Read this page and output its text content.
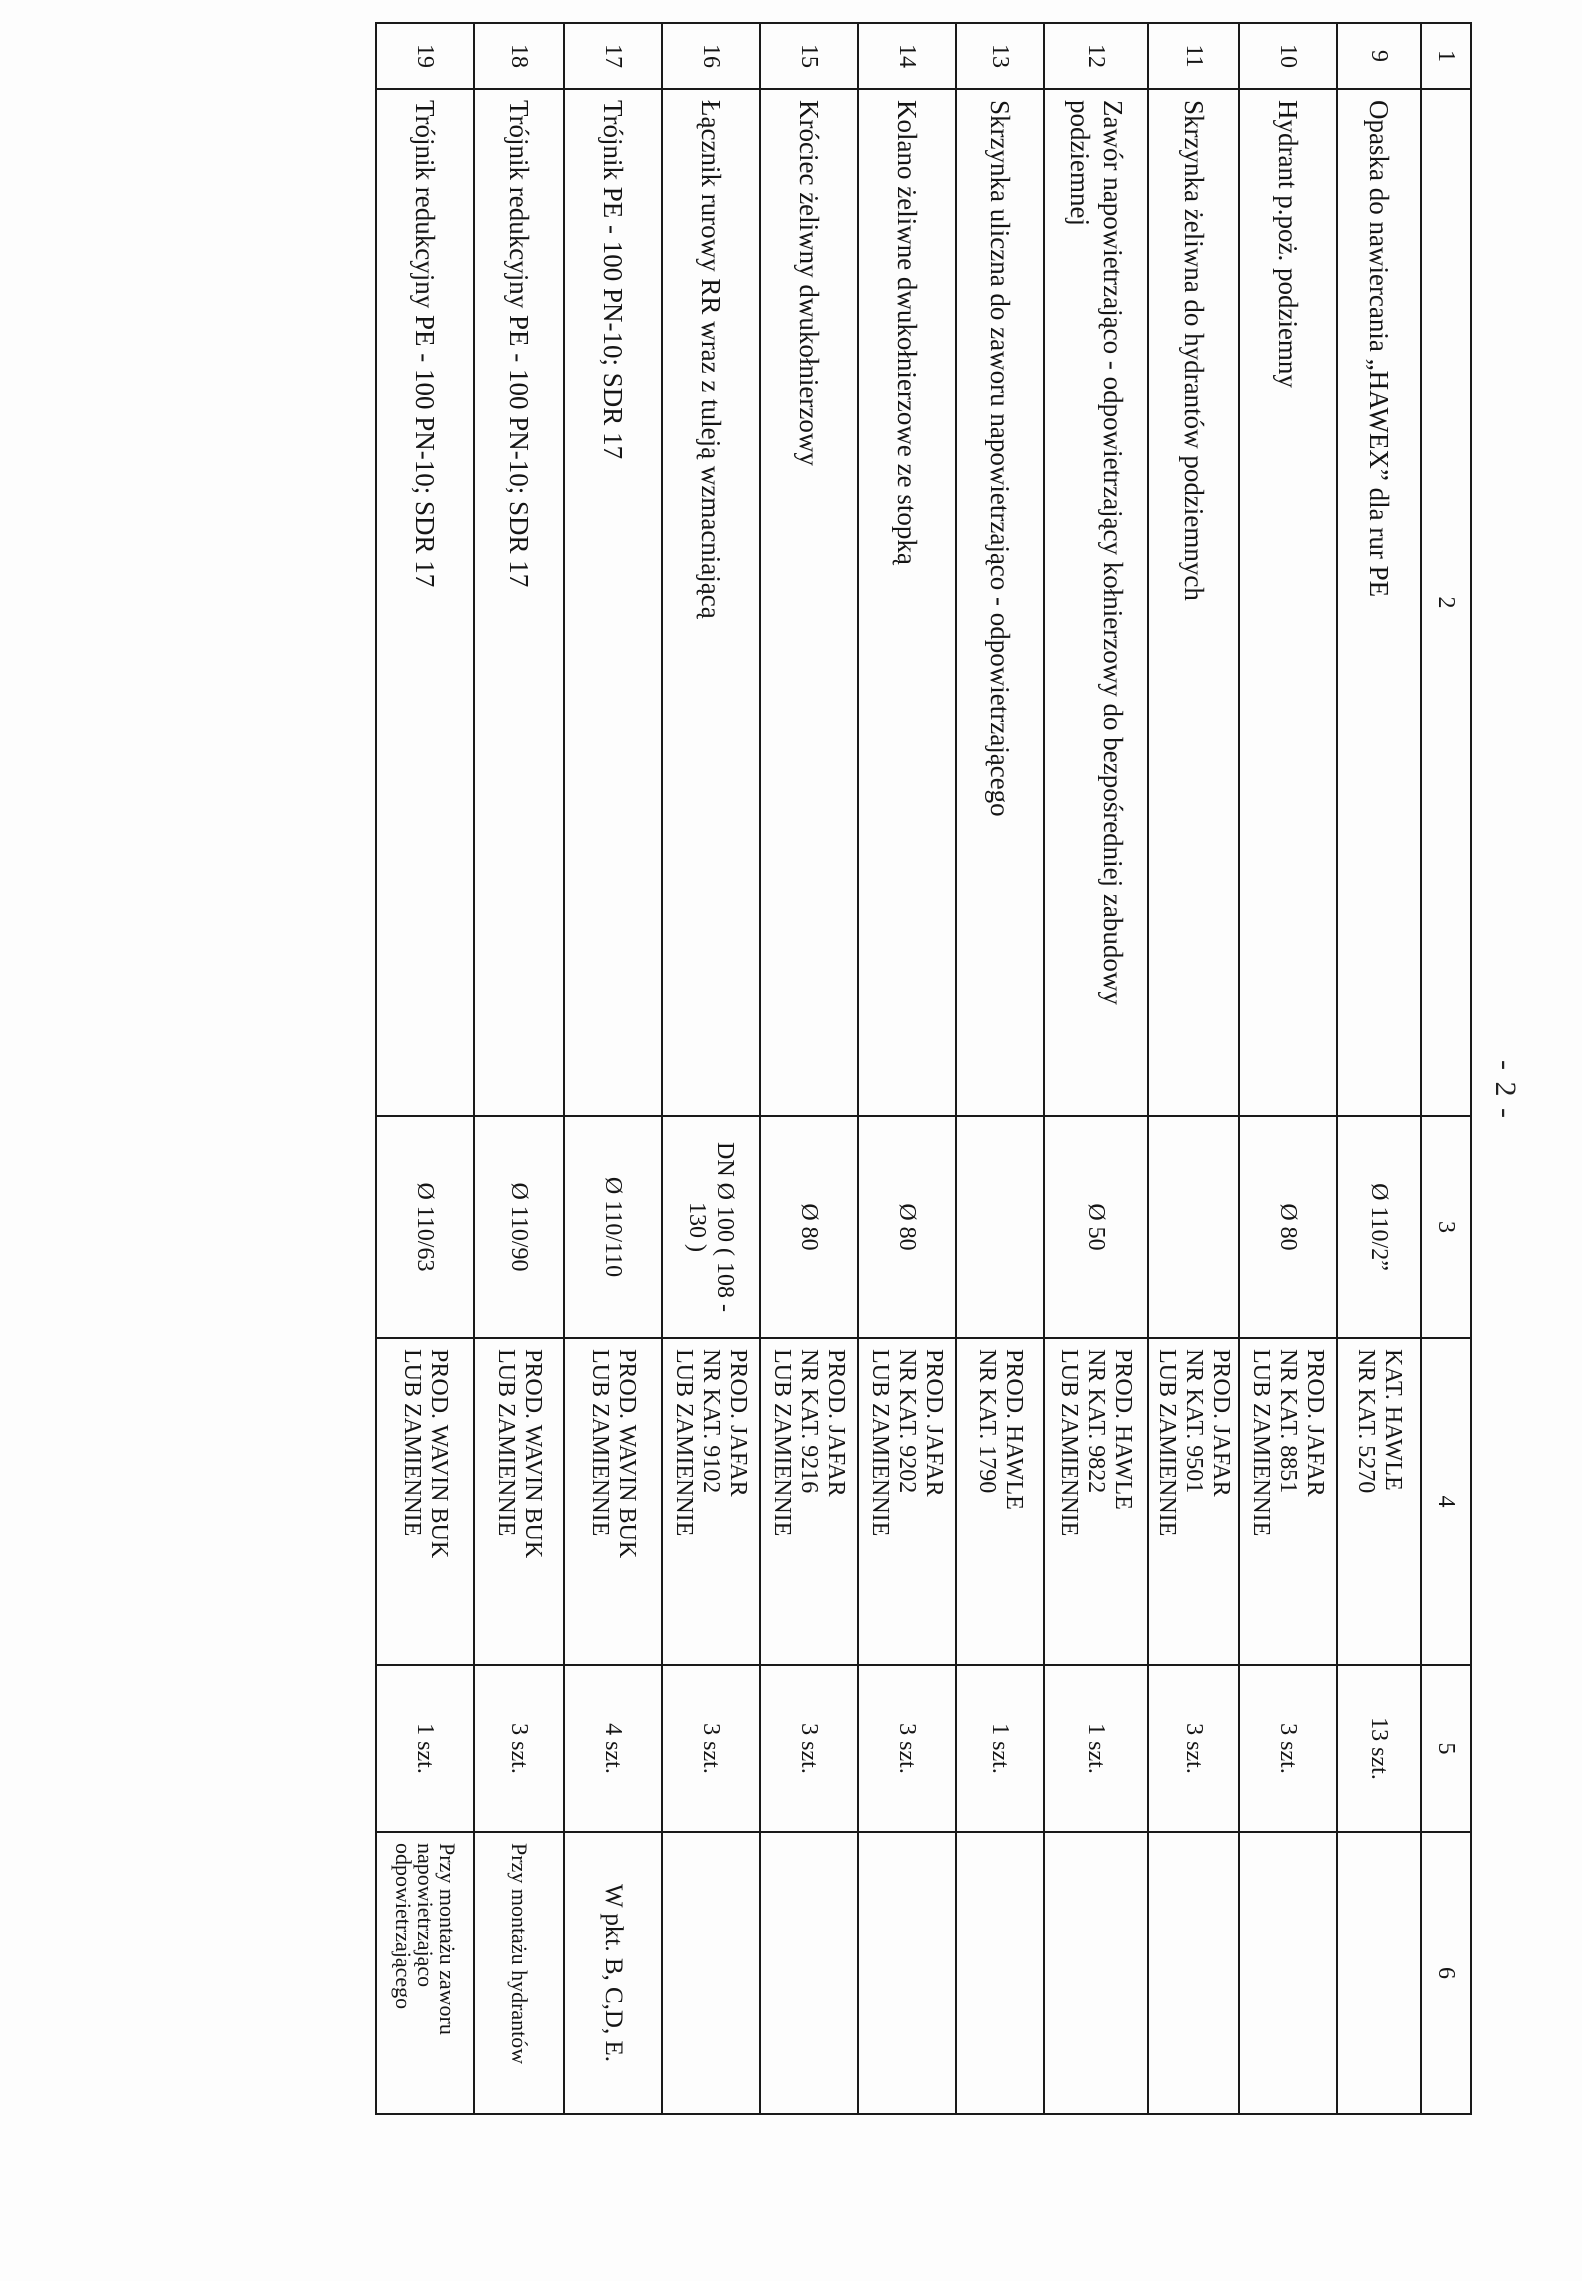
- 2 -
1	2	3	4	5	6
9	Opaska do nawiercania „HAWEX” dla rur PE	Ø 110/2”	KAT. HAWLE
NR KAT. 5270	13 szt.	
10	Hydrant p.poż. podziemny	Ø 80	PROD. JAFAR
NR KAT. 8851
LUB ZAMIENNIE	3 szt.	
11	Skrzynka żeliwna do hydrantów podziemnych		PROD. JAFAR
NR KAT. 9501
LUB ZAMIENNIE	3 szt.	
12	Zawór napowietrzająco - odpowietrzający kołnierzowy do bezpośredniej zabudowy podziemnej	Ø 50	PROD. HAWLE
NR KAT. 9822
LUB ZAMIENNIE	1 szt.	
13	Skrzynka uliczna do zaworu napowietrzająco - odpowietrzającego		PROD. HAWLE
NR KAT. 1790	1 szt.	
14	Kolano żeliwne dwukołnierzowe ze stopką	Ø 80	PROD. JAFAR
NR KAT. 9202
LUB ZAMIENNIE	3 szt.	
15	Króciec żeliwny dwukołnierzowy	Ø 80	PROD. JAFAR
NR KAT. 9216
LUB ZAMIENNIE	3 szt.	
16	Łącznik rurowy RR wraz z tuleją wzmacniającą	DN Ø 100 ( 108 - 130 )	PROD. JAFAR
NR KAT. 9102
LUB ZAMIENNIE	3 szt.	
17	Trójnik PE - 100 PN-10; SDR 17	Ø 110/110	PROD. WAVIN BUK
LUB ZAMIENNIE	4 szt.	W pkt. B, C,D, E.
18	Trójnik redukcyjny PE - 100 PN-10; SDR 17	Ø 110/90	PROD. WAVIN BUK
LUB ZAMIENNIE	3 szt.	Przy montażu hydrantów
19	Trójnik redukcyjny PE - 100 PN-10; SDR 17	Ø 110/63	PROD. WAVIN BUK
LUB ZAMIENNIE	1 szt.	Przy montażu zaworu napowietrzająco odpowietrzającego
